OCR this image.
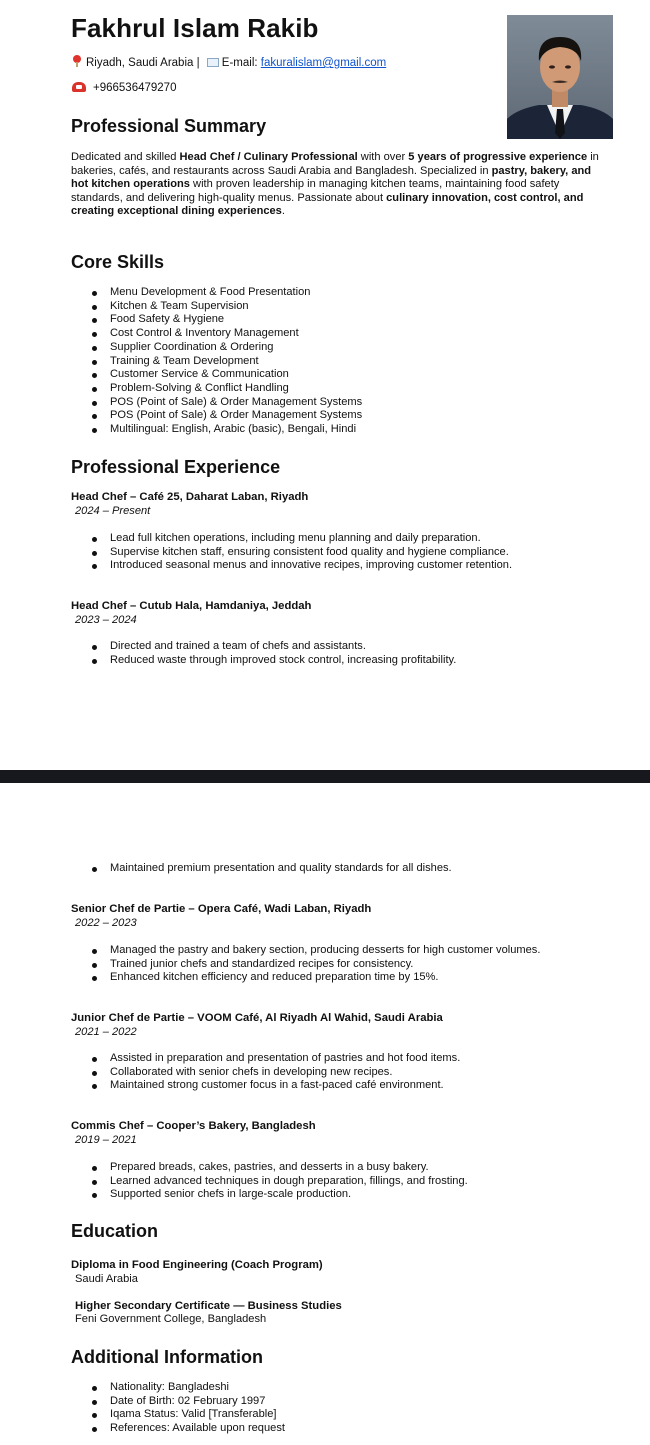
Fakhrul Islam Rakib
Riyadh, Saudi Arabia | E-mail: fakuralislam@gmail.com
+966536479270
Professional Summary
Dedicated and skilled Head Chef / Culinary Professional with over 5 years of progressive experience in bakeries, cafés, and restaurants across Saudi Arabia and Bangladesh. Specialized in pastry, bakery, and hot kitchen operations with proven leadership in managing kitchen teams, maintaining food safety standards, and delivering high-quality menus. Passionate about culinary innovation, cost control, and creating exceptional dining experiences.
Core Skills
Menu Development & Food Presentation
Kitchen & Team Supervision
Food Safety & Hygiene
Cost Control & Inventory Management
Supplier Coordination & Ordering
Training & Team Development
Customer Service & Communication
Problem-Solving & Conflict Handling
POS (Point of Sale) & Order Management Systems
POS (Point of Sale) & Order Management Systems
Multilingual: English, Arabic (basic), Bengali, Hindi
Professional Experience
Head Chef – Café 25, Daharat Laban, Riyadh
2024 – Present
Lead full kitchen operations, including menu planning and daily preparation.
Supervise kitchen staff, ensuring consistent food quality and hygiene compliance.
Introduced seasonal menus and innovative recipes, improving customer retention.
Head Chef – Cutub Hala, Hamdaniya, Jeddah
2023 – 2024
Directed and trained a team of chefs and assistants.
Reduced waste through improved stock control, increasing profitability.
Maintained premium presentation and quality standards for all dishes.
Senior Chef de Partie – Opera Café, Wadi Laban, Riyadh
2022 – 2023
Managed the pastry and bakery section, producing desserts for high customer volumes.
Trained junior chefs and standardized recipes for consistency.
Enhanced kitchen efficiency and reduced preparation time by 15%.
Junior Chef de Partie – VOOM Café, Al Riyadh Al Wahid, Saudi Arabia
2021 – 2022
Assisted in preparation and presentation of pastries and hot food items.
Collaborated with senior chefs in developing new recipes.
Maintained strong customer focus in a fast-paced café environment.
Commis Chef – Cooper’s Bakery, Bangladesh
2019 – 2021
Prepared breads, cakes, pastries, and desserts in a busy bakery.
Learned advanced techniques in dough preparation, fillings, and frosting.
Supported senior chefs in large-scale production.
Education
Diploma in Food Engineering (Coach Program)
Saudi Arabia
Higher Secondary Certificate — Business Studies
Feni Government College, Bangladesh
Additional Information
Nationality: Bangladeshi
Date of Birth: 02 February 1997
Iqama Status: Valid [Transferable]
References: Available upon request
